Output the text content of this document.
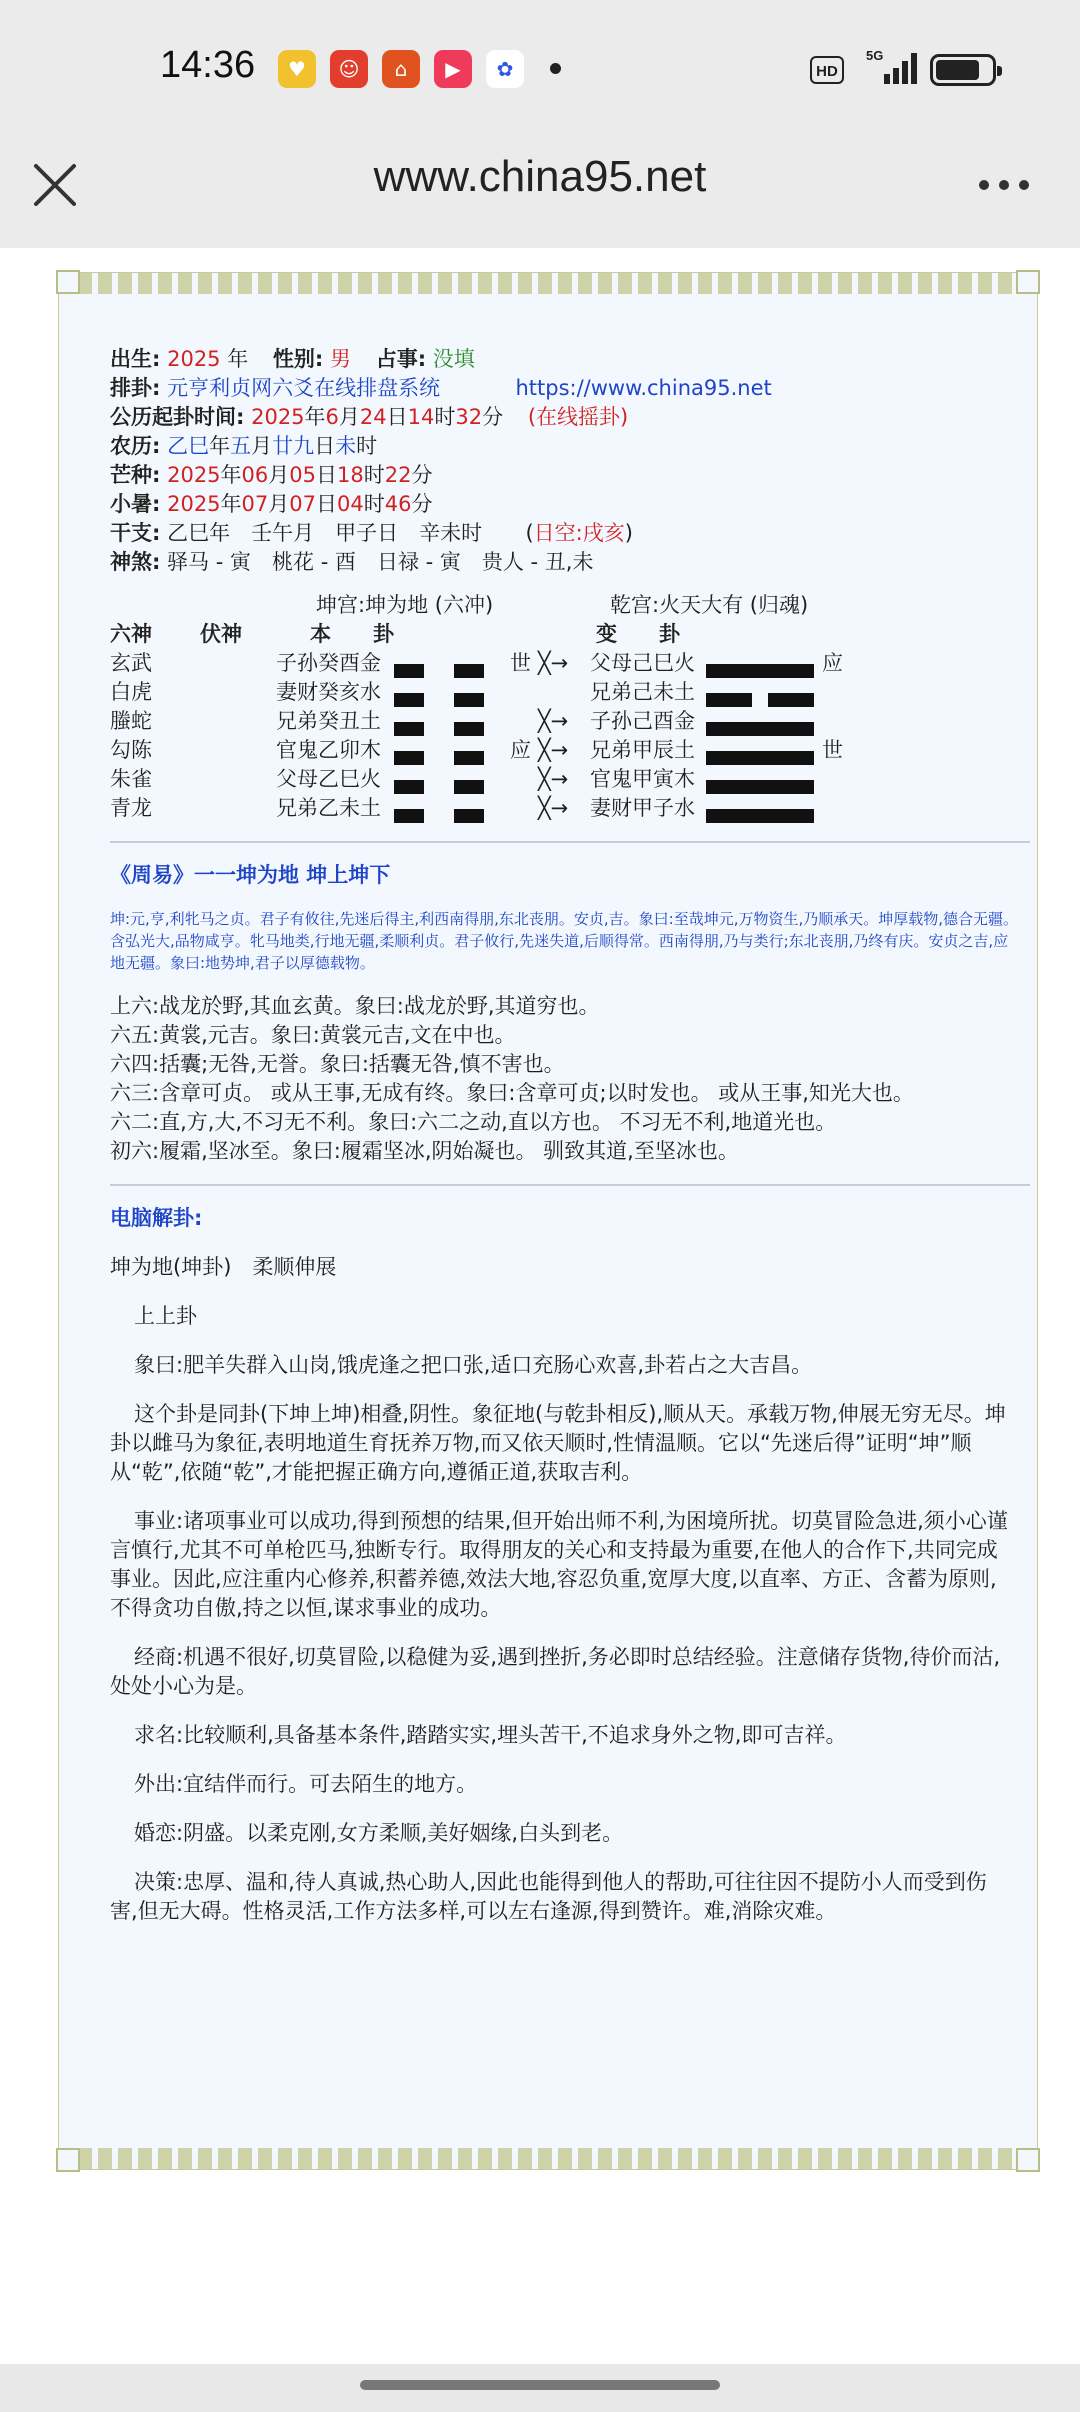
14:36	♥	☺	⌂	▶	✿	HD
5G
www.china95.net
出生: 2025 年 性别: 男 占事: 没填
排卦: 元亨利贞网六爻在线排盘系统	https://www.china95.net
公历起卦时间: 2025年6月24日14时32分 (在线摇卦)
农历: 乙巳年五月廿九日未时
芒种: 2025年06月05日18时22分
小暑: 2025年07月07日04时46分
干支: 乙巳年　壬午月　甲子日　辛未时 (日空:戌亥)
神煞: 驿马 - 寅　桃花 - 酉　日禄 - 寅　贵人 - 丑,未
坤宫:坤为地 (六冲)	乾宫:火天大有 (归魂)
六神 伏神	本　　卦	变　　卦
玄武	子孙癸酉金	世 ╳→ 父母己巳火	应
白虎	妻财癸亥水	兄弟己未土
螣蛇	兄弟癸丑土	╳→ 子孙己酉金
勾陈	官鬼乙卯木	应 ╳→ 兄弟甲辰土	世
朱雀	父母乙巳火	╳→ 官鬼甲寅木
青龙	兄弟乙未土	╳→ 妻财甲子水
《周易》一一坤为地 坤上坤下
坤:元,亨,利牝马之贞。君子有攸往,先迷后得主,利西南得朋,东北丧朋。安贞,吉。象曰:至哉坤元,万物资生,乃顺承天。坤厚载物,德合无疆。含弘光大,品物咸亨。牝马地类,行地无疆,柔顺利贞。君子攸行,先迷失道,后顺得常。西南得朋,乃与类行;东北丧朋,乃终有庆。安贞之吉,应地无疆。象曰:地势坤,君子以厚德载物。
上六:战龙於野,其血玄黄。象曰:战龙於野,其道穷也。
六五:黄裳,元吉。象曰:黄裳元吉,文在中也。
六四:括囊;无咎,无誉。象曰:括囊无咎,慎不害也。
六三:含章可贞。 或从王事,无成有终。象曰:含章可贞;以时发也。 或从王事,知光大也。
六二:直,方,大,不习无不利。象曰:六二之动,直以方也。 不习无不利,地道光也。
初六:履霜,坚冰至。象曰:履霜坚冰,阴始凝也。 驯致其道,至坚冰也。
电脑解卦:
坤为地(坤卦)　柔顺伸展
上上卦
象曰:肥羊失群入山岗,饿虎逢之把口张,适口充肠心欢喜,卦若占之大吉昌。
这个卦是同卦(下坤上坤)相叠,阴性。象征地(与乾卦相反),顺从天。承载万物,伸展无穷无尽。坤卦以雌马为象征,表明地道生育抚养万物,而又依天顺时,性情温顺。它以“先迷后得”证明“坤”顺从“乾”,依随“乾”,才能把握正确方向,遵循正道,获取吉利。
事业:诸项事业可以成功,得到预想的结果,但开始出师不利,为困境所扰。切莫冒险急进,须小心谨言慎行,尤其不可单枪匹马,独断专行。取得朋友的关心和支持最为重要,在他人的合作下,共同完成事业。因此,应注重内心修养,积蓄养德,效法大地,容忍负重,宽厚大度,以直率、方正、含蓄为原则,不得贪功自傲,持之以恒,谋求事业的成功。
经商:机遇不很好,切莫冒险,以稳健为妥,遇到挫折,务必即时总结经验。注意储存货物,待价而沽,处处小心为是。
求名:比较顺利,具备基本条件,踏踏实实,埋头苦干,不追求身外之物,即可吉祥。
外出:宜结伴而行。可去陌生的地方。
婚恋:阴盛。以柔克刚,女方柔顺,美好姻缘,白头到老。
决策:忠厚、温和,待人真诚,热心助人,因此也能得到他人的帮助,可往往因不提防小人而受到伤害,但无大碍。性格灵活,工作方法多样,可以左右逢源,得到赞许。难,消除灾难。
